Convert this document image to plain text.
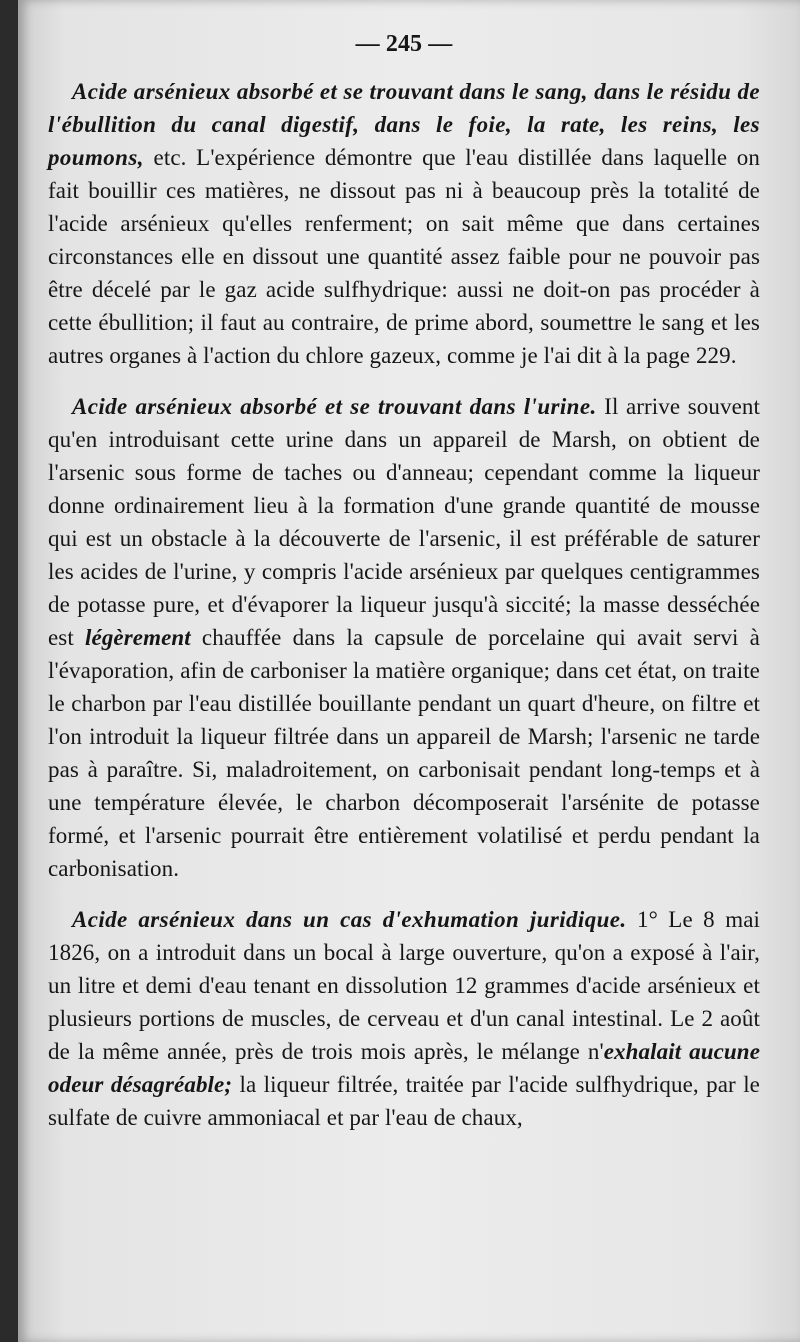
— 245 —

Acide arsénieux absorbé et se trouvant dans le sang, dans le résidu de l'ébullition du canal digestif, dans le foie, la rate, les reins, les poumons, etc. L'expérience démontre que l'eau distillée dans laquelle on fait bouillir ces matières, ne dissout pas ni à beaucoup près la totalité de l'acide arsénieux qu'elles renferment; on sait même que dans certaines circonstances elle en dissout une quantité assez faible pour ne pouvoir pas être décelé par le gaz acide sulfhydrique: aussi ne doit-on pas procéder à cette ébullition; il faut au contraire, de prime abord, soumettre le sang et les autres organes à l'action du chlore gazeux, comme je l'ai dit à la page 229.

Acide arsénieux absorbé et se trouvant dans l'urine. Il arrive souvent qu'en introduisant cette urine dans un appareil de Marsh, on obtient de l'arsenic sous forme de taches ou d'anneau; cependant comme la liqueur donne ordinairement lieu à la formation d'une grande quantité de mousse qui est un obstacle à la découverte de l'arsenic, il est préférable de saturer les acides de l'urine, y compris l'acide arsénieux par quelques centigrammes de potasse pure, et d'évaporer la liqueur jusqu'à siccité; la masse desséchée est légèrement chauffée dans la capsule de porcelaine qui avait servi à l'évaporation, afin de carboniser la matière organique; dans cet état, on traite le charbon par l'eau distillée bouillante pendant un quart d'heure, on filtre et l'on introduit la liqueur filtrée dans un appareil de Marsh; l'arsenic ne tarde pas à paraître. Si, maladroitement, on carbonisait pendant long-temps et à une température élevée, le charbon décomposerait l'arsénite de potasse formé, et l'arsenic pourrait être entièrement volatilisé et perdu pendant la carbonisation.

Acide arsénieux dans un cas d'exhumation juridique. 1° Le 8 mai 1826, on a introduit dans un bocal à large ouverture, qu'on a exposé à l'air, un litre et demi d'eau tenant en dissolution 12 grammes d'acide arsénieux et plusieurs portions de muscles, de cerveau et d'un canal intestinal. Le 2 août de la même année, près de trois mois après, le mélange n'exhalait aucune odeur désagréable; la liqueur filtrée, traitée par l'acide sulfhydrique, par le sulfate de cuivre ammoniacal et par l'eau de chaux,
